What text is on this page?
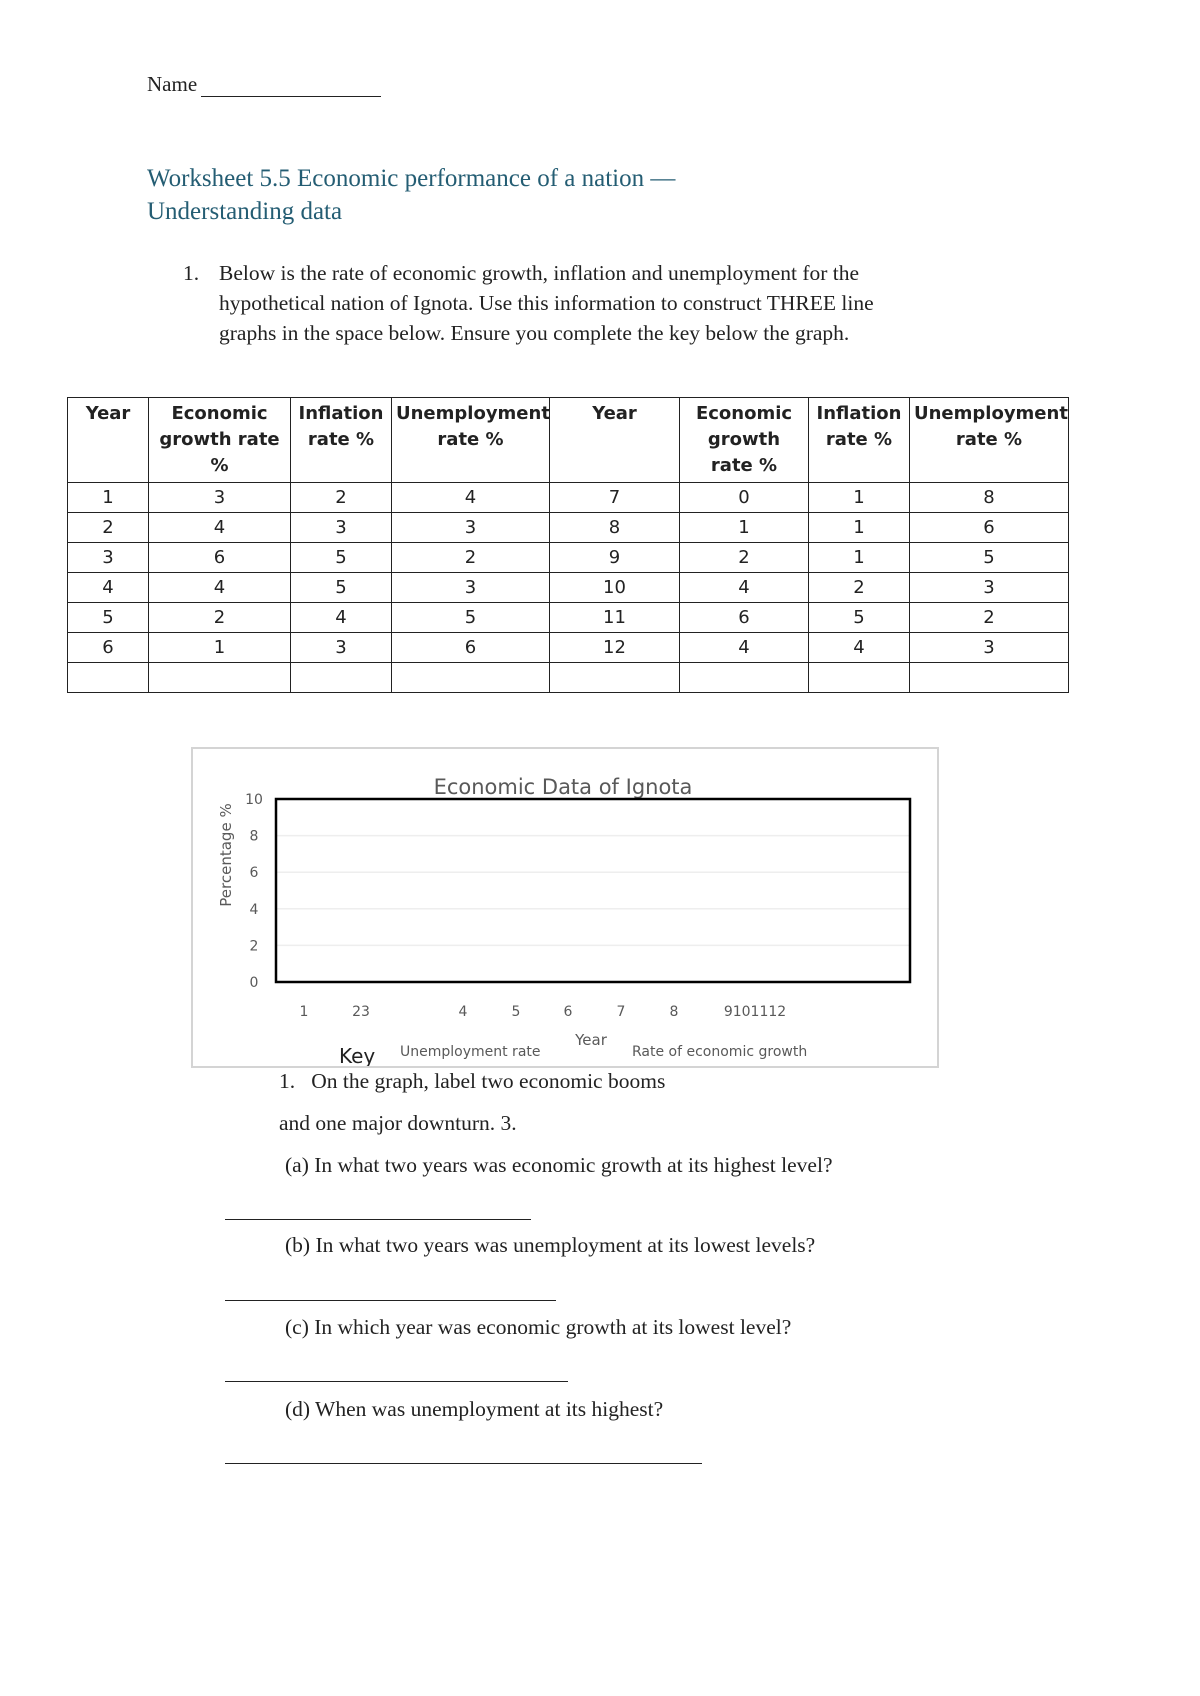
Name
Worksheet 5.5 Economic performance of a nation —
Understanding data
1. Below is the rate of economic growth, inflation and unemployment for the hypothetical nation of Ignota. Use this information to construct THREE line graphs in the space below. Ensure you complete the key below the graph.
Year	Economic growth rate %	Inflation rate %	Unemployment rate %	Year	Economic growth rate %	Inflation rate %	Unemployment rate %
1	3	2	4	7	0	1	8
2	4	3	3	8	1	1	6
3	6	5	2	9	2	1	5
4	4	5	3	10	4	2	3
5	2	4	5	11	6	5	2
6	1	3	6	12	4	4	3

Economic Data of Ignota
Percentage %
Year
Key Unemployment rate	Rate of economic growth
0
2
4
6
8
10
1	23	4	5	6	7	8	9101112
1. On the graph, label two economic booms
and one major downturn. 3.
(a) In what two years was economic growth at its highest level?
(b) In what two years was unemployment at its lowest levels?
(c) In which year was economic growth at its lowest level?
(d) When was unemployment at its highest?
